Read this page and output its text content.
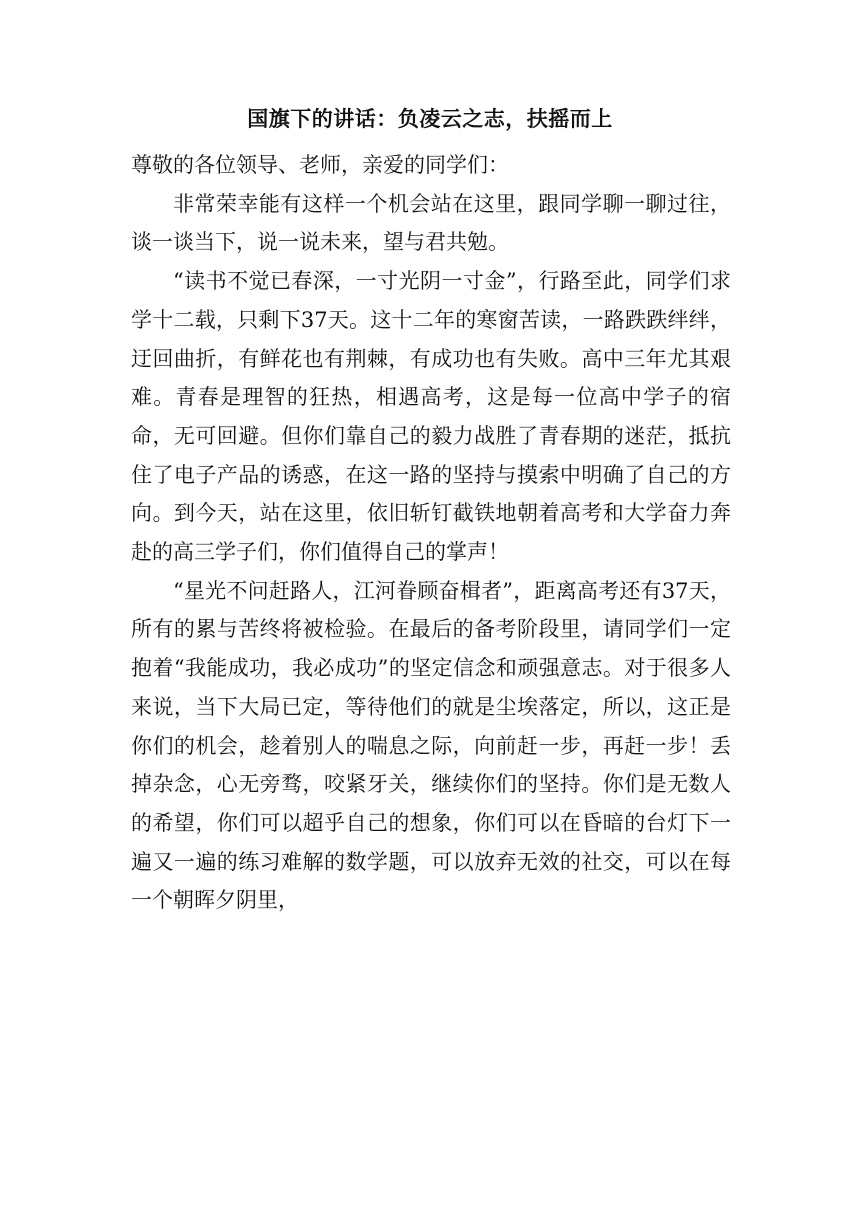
国旗下的讲话：负凌云之志，扶摇而上

尊敬的各位领导、老师，亲爱的同学们：

非常荣幸能有这样一个机会站在这里，跟同学聊一聊过往，谈一谈当下，说一说未来，望与君共勉。

“读书不觉已春深，一寸光阴一寸金”，行路至此，同学们求学十二载，只剩下37天。这十二年的寒窗苦读，一路跌跌绊绊，迂回曲折，有鲜花也有荆棘，有成功也有失败。高中三年尤其艰难。青春是理智的狂热，相遇高考，这是每一位高中学子的宿命，无可回避。但你们靠自己的毅力战胜了青春期的迷茫，抵抗住了电子产品的诱惑，在这一路的坚持与摸索中明确了自己的方向。到今天，站在这里，依旧斩钉截铁地朝着高考和大学奋力奔赴的高三学子们，你们值得自己的掌声！

“星光不问赶路人，江河眷顾奋楫者”，距离高考还有37天，所有的累与苦终将被检验。在最后的备考阶段里，请同学们一定抱着“我能成功，我必成功”的坚定信念和顽强意志。对于很多人来说，当下大局已定，等待他们的就是尘埃落定，所以，这正是你们的机会，趁着别人的喘息之际，向前赶一步，再赶一步！丢掉杂念，心无旁骛，咬紧牙关，继续你们的坚持。你们是无数人的希望，你们可以超乎自己的想象，你们可以在昏暗的台灯下一遍又一遍的练习难解的数学题，可以放弃无效的社交，可以在每一个朝晖夕阴里，
